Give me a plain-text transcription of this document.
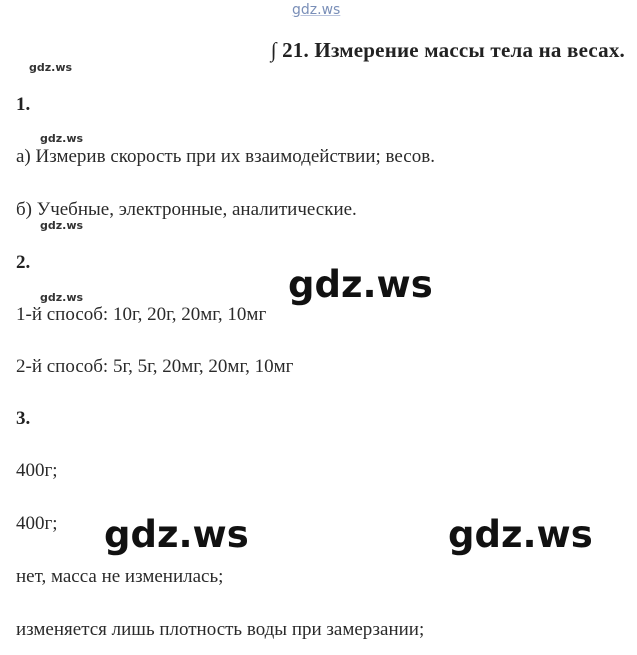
gdz.ws
∫ 21. Измерение массы тела на весах.
gdz.ws
gdz.ws
gdz.ws
gdz.ws	gdz.ws
gdz.ws	gdz.ws
1.
а) Измерив скорость при их взаимодействии; весов.
б) Учебные, электронные, аналитические.
2.
1-й способ: 10г, 20г, 20мг, 10мг
2-й способ: 5г, 5г, 20мг, 20мг, 10мг
3.
400г;
400г;
нет, масса не изменилась;
изменяется лишь плотность воды при замерзании;
